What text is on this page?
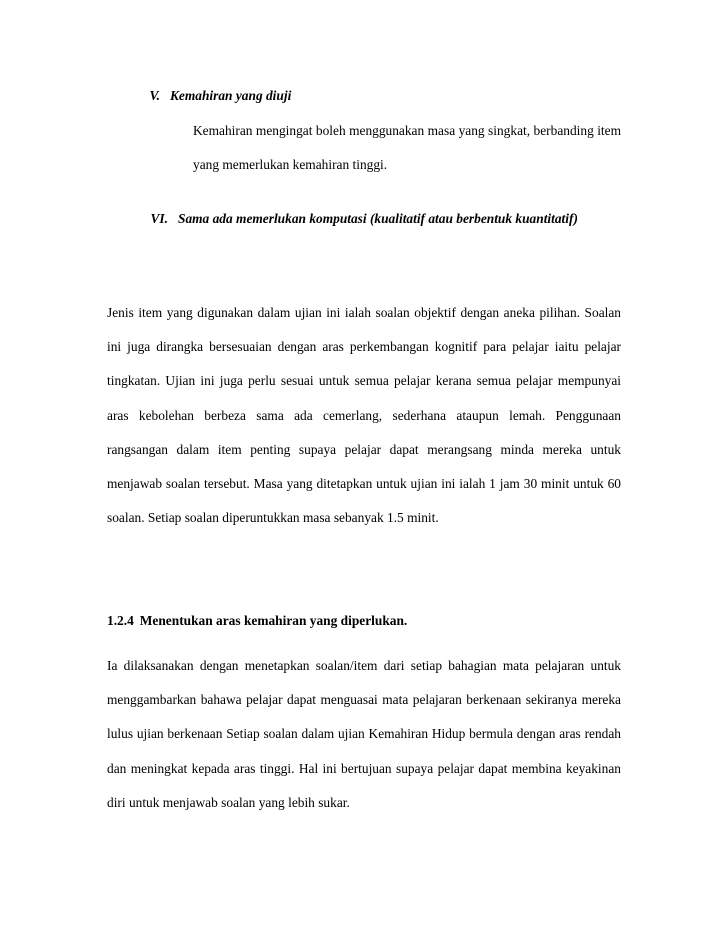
V. Kemahiran yang diuji

Kemahiran mengingat boleh menggunakan masa yang singkat, berbanding item yang memerlukan kemahiran tinggi.

VI. Sama ada memerlukan komputasi (kualitatif atau berbentuk kuantitatif)

Jenis item yang digunakan dalam ujian ini ialah soalan objektif dengan aneka pilihan. Soalan ini juga dirangka bersesuaian dengan aras perkembangan kognitif para pelajar iaitu pelajar tingkatan. Ujian ini juga perlu sesuai untuk semua pelajar kerana semua pelajar mempunyai aras kebolehan berbeza sama ada cemerlang, sederhana ataupun lemah. Penggunaan rangsangan dalam item penting supaya pelajar dapat merangsang minda mereka untuk menjawab soalan tersebut. Masa yang ditetapkan untuk ujian ini ialah 1 jam 30 minit untuk 60 soalan. Setiap soalan diperuntukkan masa sebanyak 1.5 minit.

1.2.4 Menentukan aras kemahiran yang diperlukan.

Ia dilaksanakan dengan menetapkan soalan/item dari setiap bahagian mata pelajaran untuk menggambarkan bahawa pelajar dapat menguasai mata pelajaran berkenaan sekiranya mereka lulus ujian berkenaan Setiap soalan dalam ujian Kemahiran Hidup bermula dengan aras rendah dan meningkat kepada aras tinggi. Hal ini bertujuan supaya pelajar dapat membina keyakinan diri untuk menjawab soalan yang lebih sukar.
